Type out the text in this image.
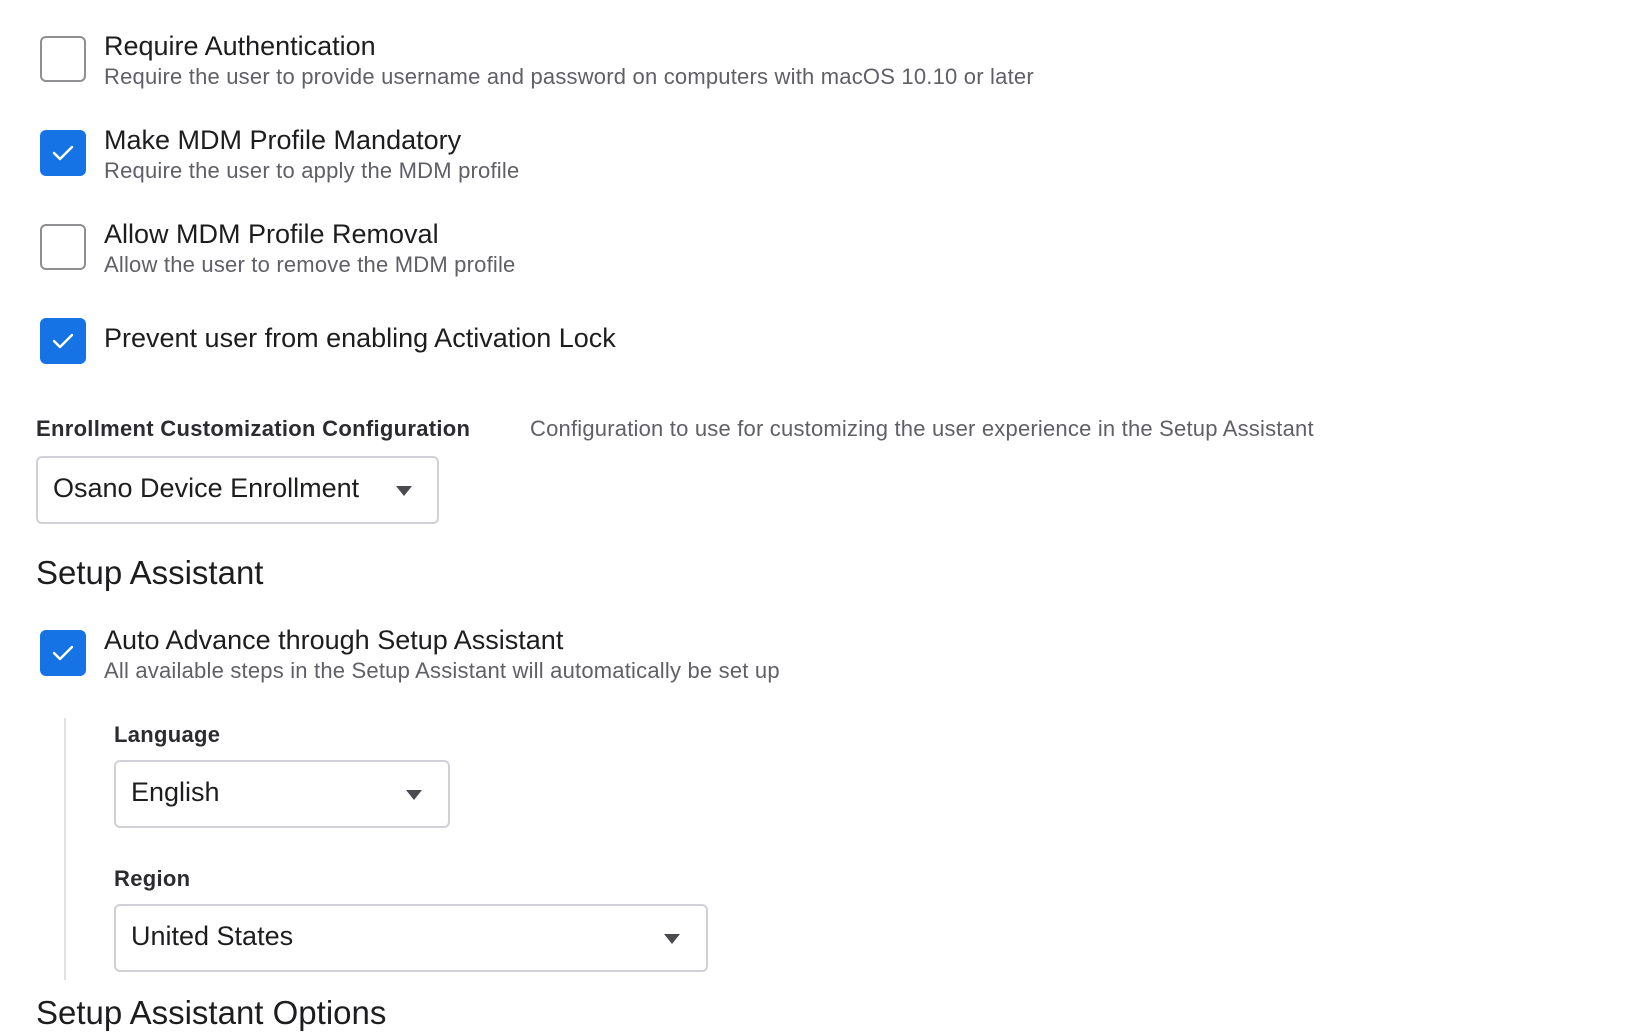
Require Authentication
Require the user to provide username and password on computers with macOS 10.10 or later
Make MDM Profile Mandatory
Require the user to apply the MDM profile
Allow MDM Profile Removal
Allow the user to remove the MDM profile
Prevent user from enabling Activation Lock
Enrollment Customization Configuration	Configuration to use for customizing the user experience in the Setup Assistant
Osano Device Enrollment
Setup Assistant
Auto Advance through Setup Assistant
All available steps in the Setup Assistant will automatically be set up
Language
English
Region
United States
Setup Assistant Options
